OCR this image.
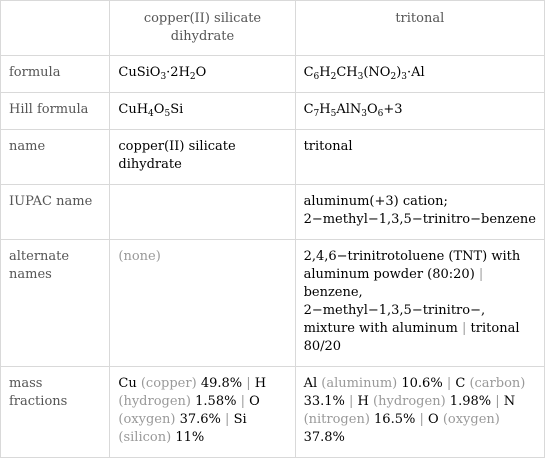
	copper(II) silicate dihydrate	tritonal
formula	$CuSiO_3\cdot 2H_2O$	$C_6H_2CH_3(NO_2)_3\cdot Al$
Hill formula	$CuH_4O_5Si$	$C_7H_5AlN_3O_6+3$
name	copper(II) silicate dihydrate	tritonal
IUPAC name		aluminum(+3) cation; 2−methyl−1,3,5−trinitro−benzene
alternate names	(none)	2,4,6−trinitrotoluene (TNT) with aluminum powder (80:20) | benzene, 2−methyl−1,3,5−trinitro−, mixture with aluminum | tritonal 80/20
mass fractions	Cu (copper) 49.8% | H (hydrogen) 1.58% | O (oxygen) 37.6% | Si (silicon) 11%	Al (aluminum) 10.6% | C (carbon) 33.1% | H (hydrogen) 1.98% | N (nitrogen) 16.5% | O (oxygen) 37.8%
